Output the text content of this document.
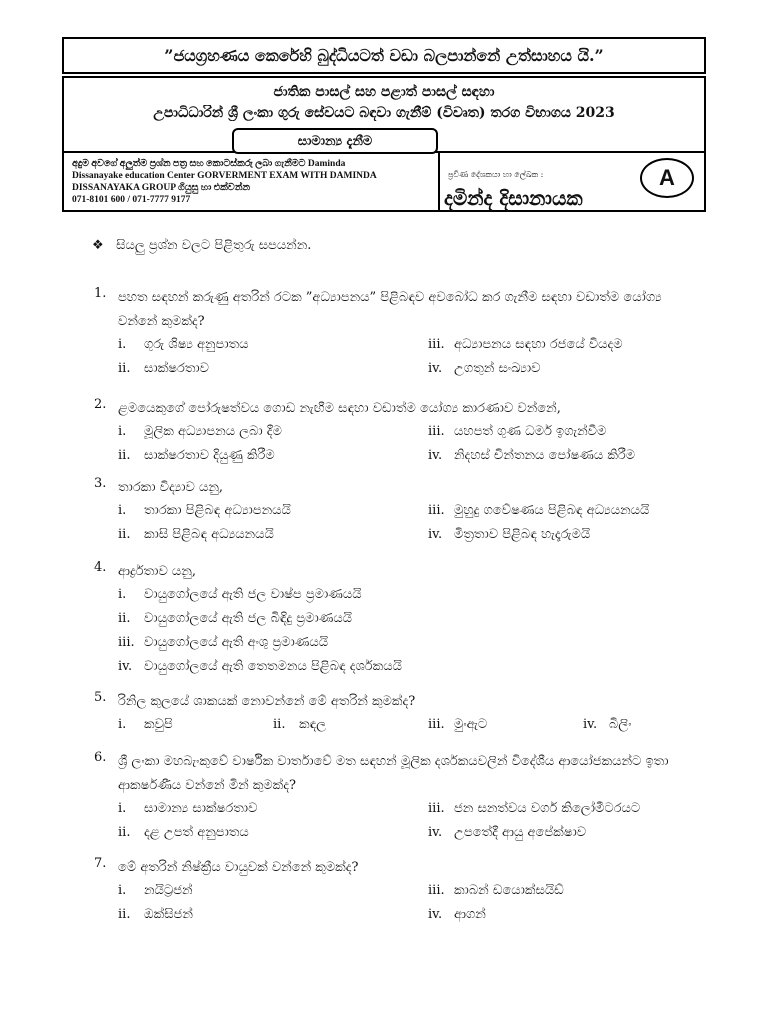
”ජයග්‍රහණය කෙරේහි බුද්ධියටත් වඩා බලපාන්නේ උත්සාහය යි.”
ජාතික පාසල් සහ පළාත් පාසල් සඳහා
උපාධිධාරින් ශ්‍රී ලංකා ගුරු සේවයට බඳවා ගැනීම් (විවෘත) තරග විභාගය 2023
සාමාන්‍ය දැනීම
අදුම අවගේ අලුත්ම ප්‍රශ්න පත්‍ර සහ කොටස්කරු ලබා ගැනීමට Daminda
Dissanayake education Center GORVERMENT EXAM WITH DAMINDA
DISSANAYAKA GROUP ගියුසු හා එක්වන්න
071-8101 600 / 071-7777 9177
ප්‍රවීණ දේශකයා හා ලේඛක :
දමින්ද දිසානායක
A
❖ සියලු ප්‍රශ්න වලට පිළිතුරු සපයන්න.
1. පහත සඳහන් කරුණු අතරින් රටක ”අධ්‍යාපනය” පිළිබඳව අවබෝධ කර ගැනීම සඳහා වඩාත්ම යෝග්‍ය වන්නේ කුමක්ද?
i.	ගුරු ශිෂ්‍ය අනුපාතය	iii. අධ්‍යාපනය සඳහා රජයේ වියදම
ii.	සාක්ෂරතාව	iv. උගතුන් සංඛ්‍යාව
2. ළමයෙකුගේ පෝරුෂත්වය ගොඩ නැඟීම සඳහා වඩාත්ම යෝග්‍ය කාරණාව වන්නේ,
i.	මූලික අධ්‍යාපනය ලබා දීම	iii. යහපත් ගුණ ධර්ම ඉගැන්වීම
ii.	සාක්ෂරතාව දියුණු කිරීම	iv. නිදහස් චින්තනය පෝෂණය කිරීම
3. තාරකා විද්‍යාව යනු,
i.	තාරකා පිළිබඳ අධ්‍යාපනයයි	iii. මුහුදු ගවේෂණය පිළිබඳ අධ්‍යයනයයි
ii.	කාසි පිළිබඳ අධ්‍යයනයයි	iv. මිත්‍රතාව පිළිබඳ හැදෑරුමයි
4. ආර්ද්‍රතාව යනු,
i.	වායුගෝලයේ ඇති ජල වාෂ්ප ප්‍රමාණයයි
ii.	වායුගෝලයේ ඇති ජල බිඳිදු ප්‍රමාණයයි
iii. වායුගෝලයේ ඇති අංශු ප්‍රමාණයයි
iv. වායුගෝලයේ ඇති තෙතමනය පිළිබඳ දර්ශකයයි
5. රිනිල කුලයේ ශාකයක් නොවන්නේ මේ අතරින් කුමක්ද?
i.	කවුපි	ii.	කඳල	iii. මුංඇට	iv. බිලිං
6. ශ්‍රී ලංකා මහබැංකුවේ වාර්ෂික වාර්තාවේ මත සඳහන් මූලික දර්ශකයවලින් විදේශීය ආයෝජකයන්ට ඉතා ආකර්ෂණීය වන්නේ මින් කුමක්ද?
i.	සාමාන්‍ය සාක්ෂරතාව	iii. ජන සනත්වය වර්ග කිලෝමීටරයට
ii.	දළ උපත් අනුපාතය	iv. උපතේදී ආයු අපේක්ෂාව
7. මේ අතරින් නිෂ්ක්‍රීය වායුවක් වන්නේ කුමක්ද?
i.	නයිට්‍රජන්	iii. කාබන් ඩයොක්සයිඩ්
ii.	ඔක්සිජන්	iv. ආගන්
